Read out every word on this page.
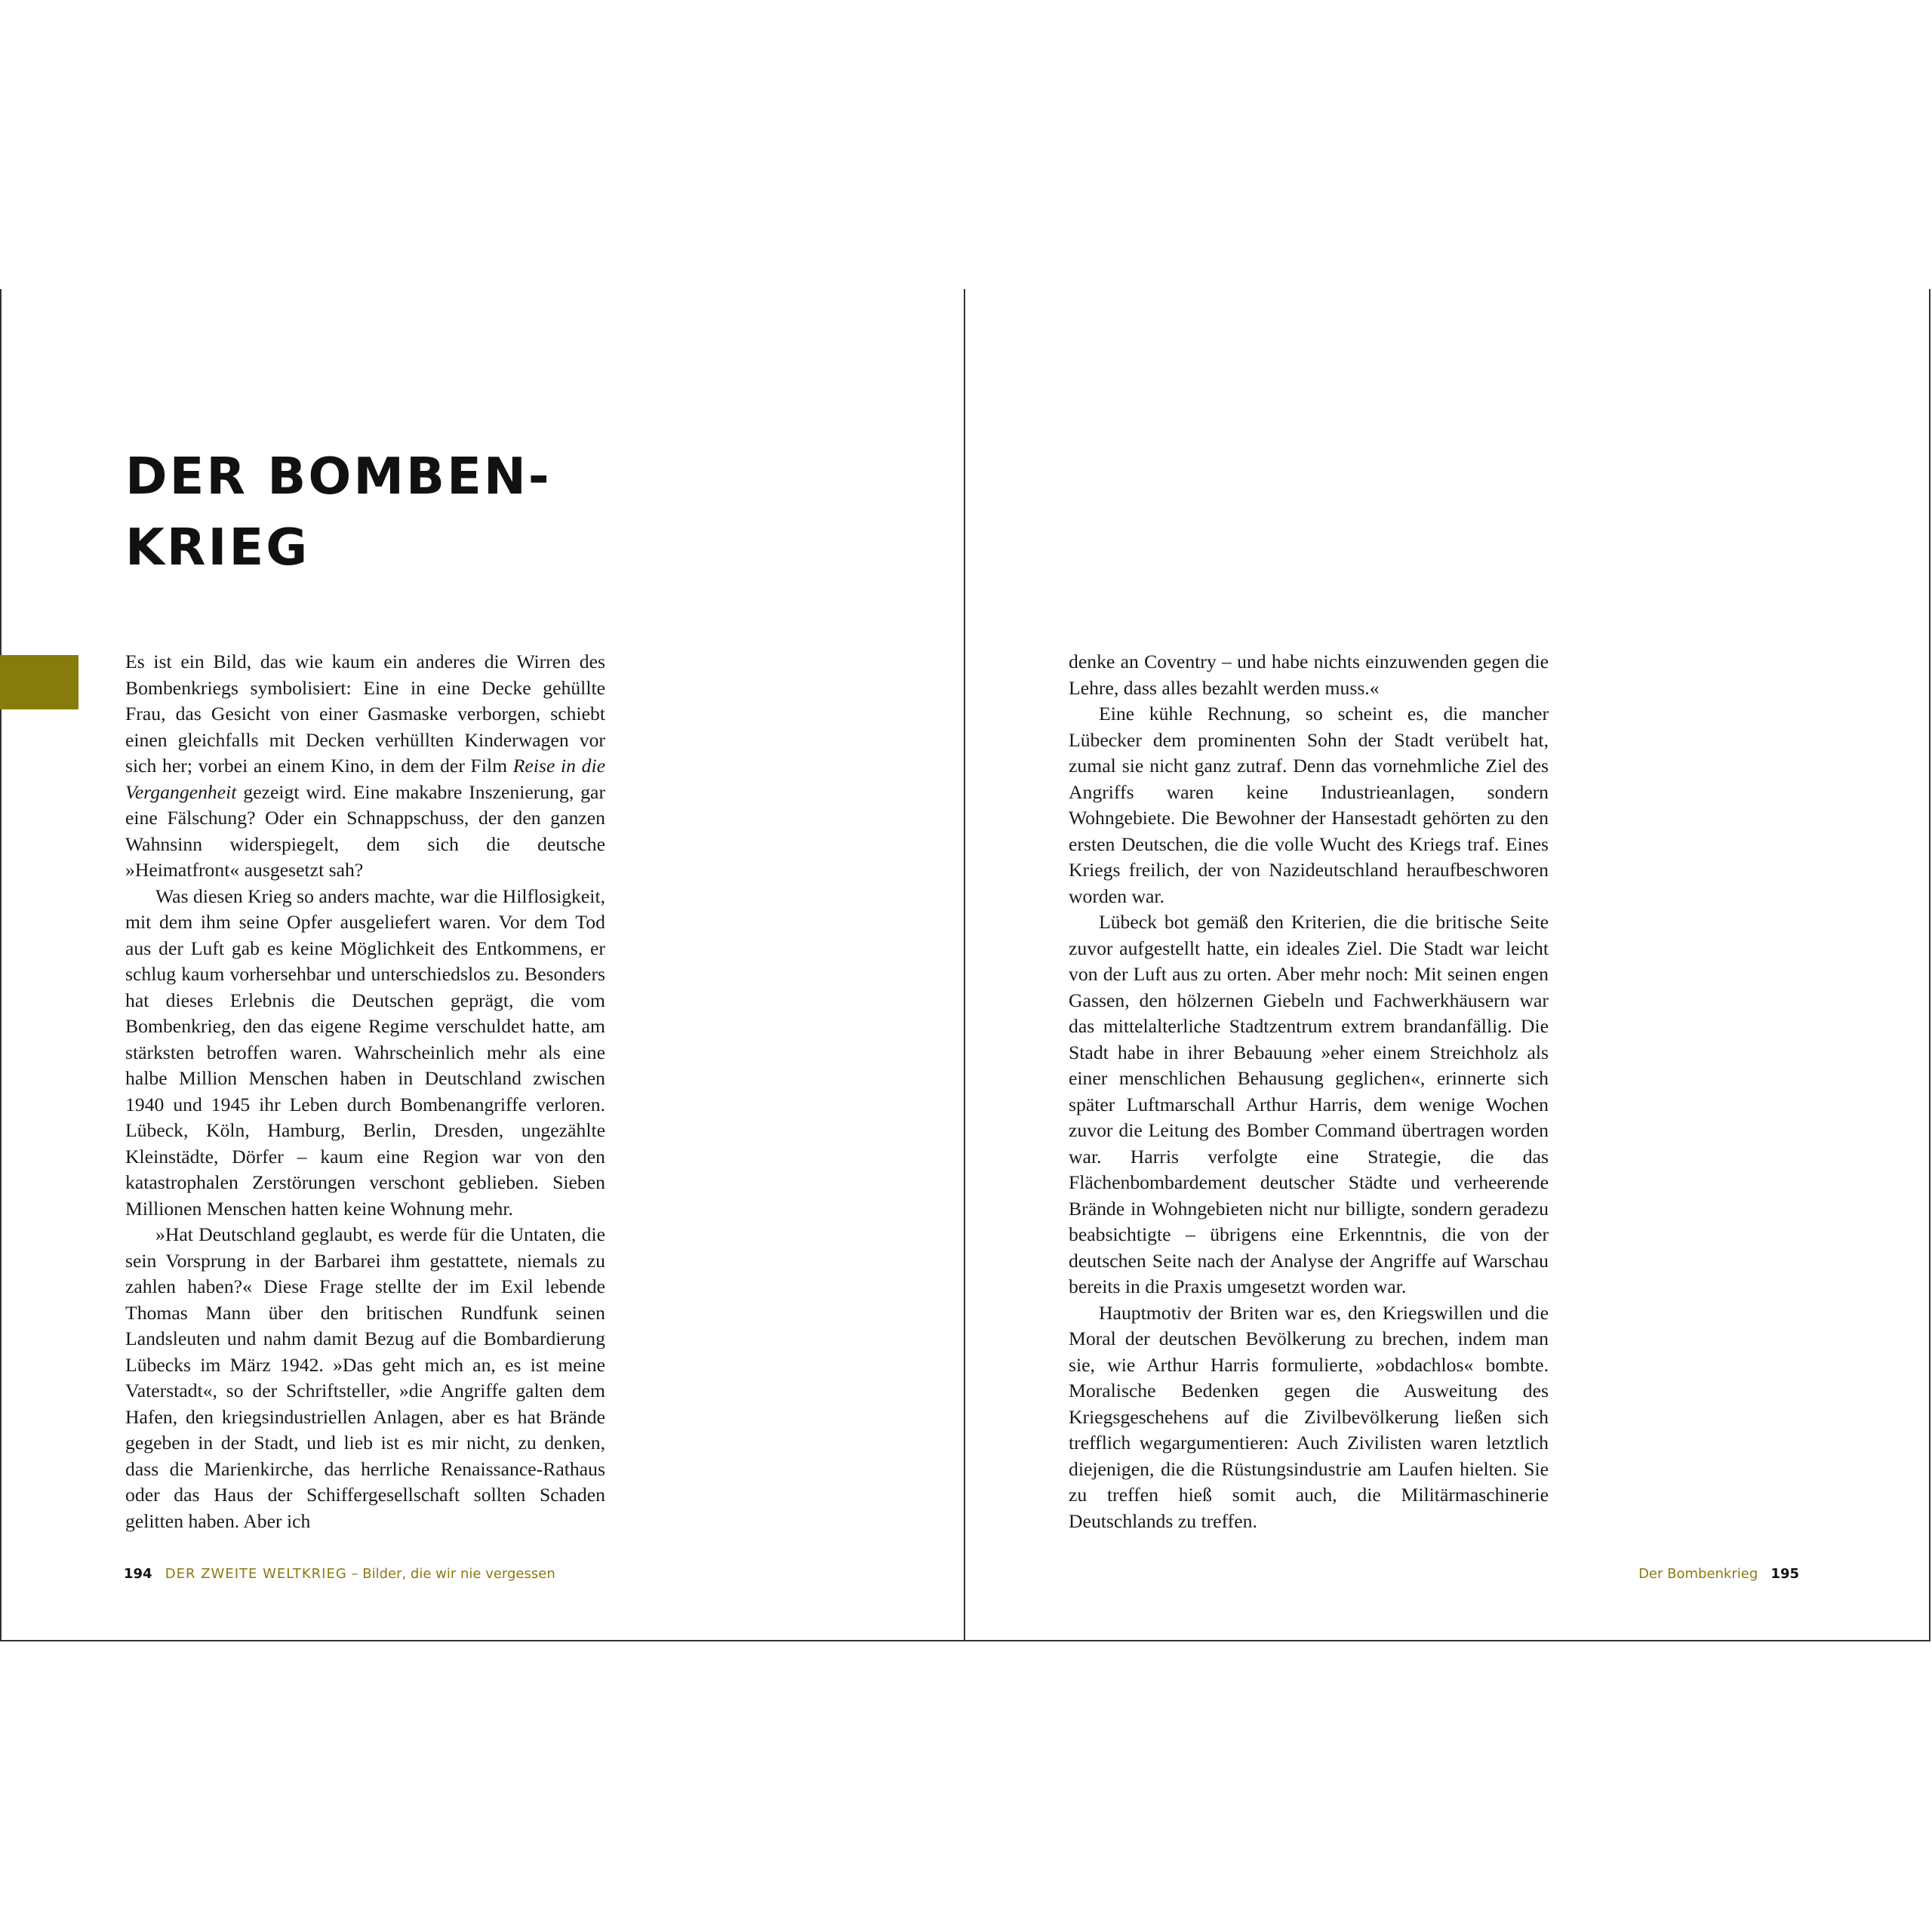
DER BOMBEN-
KRIEG

Es ist ein Bild, das wie kaum ein anderes die Wirren des Bombenkriegs symbolisiert: Eine in eine Decke gehüllte Frau, das Gesicht von einer Gasmaske verborgen, schiebt einen gleichfalls mit Decken verhüllten Kinderwagen vor sich her; vorbei an einem Kino, in dem der Film Reise in die Vergangenheit gezeigt wird. Eine makabre Inszenierung, gar eine Fälschung? Oder ein Schnappschuss, der den ganzen Wahnsinn widerspiegelt, dem sich die deutsche »Heimatfront« ausgesetzt sah?

Was diesen Krieg so anders machte, war die Hilflosigkeit, mit dem ihm seine Opfer ausgeliefert waren. Vor dem Tod aus der Luft gab es keine Möglichkeit des Entkommens, er schlug kaum vorhersehbar und unterschiedslos zu. Besonders hat dieses Erlebnis die Deutschen geprägt, die vom Bombenkrieg, den das eigene Regime verschuldet hatte, am stärksten betroffen waren. Wahrscheinlich mehr als eine halbe Million Menschen haben in Deutschland zwischen 1940 und 1945 ihr Leben durch Bombenangriffe verloren. Lübeck, Köln, Hamburg, Berlin, Dresden, ungezählte Kleinstädte, Dörfer – kaum eine Region war von den katastrophalen Zerstörungen verschont geblieben. Sieben Millionen Menschen hatten keine Wohnung mehr.

»Hat Deutschland geglaubt, es werde für die Untaten, die sein Vorsprung in der Barbarei ihm gestattete, niemals zu zahlen haben?« Diese Frage stellte der im Exil lebende Thomas Mann über den britischen Rundfunk seinen Landsleuten und nahm damit Bezug auf die Bombardierung Lübecks im März 1942. »Das geht mich an, es ist meine Vaterstadt«, so der Schriftsteller, »die Angriffe galten dem Hafen, den kriegsindustriellen Anlagen, aber es hat Brände gegeben in der Stadt, und lieb ist es mir nicht, zu denken, dass die Marienkirche, das herrliche Renaissance-Rathaus oder das Haus der Schiffergesellschaft sollten Schaden gelitten haben. Aber ich

denke an Coventry – und habe nichts einzuwenden gegen die Lehre, dass alles bezahlt werden muss.«

Eine kühle Rechnung, so scheint es, die mancher Lübecker dem prominenten Sohn der Stadt verübelt hat, zumal sie nicht ganz zutraf. Denn das vornehmliche Ziel des Angriffs waren keine Industrieanlagen, sondern Wohngebiete. Die Bewohner der Hansestadt gehörten zu den ersten Deutschen, die die volle Wucht des Kriegs traf. Eines Kriegs freilich, der von Nazideutschland heraufbeschworen worden war.

Lübeck bot gemäß den Kriterien, die die britische Seite zuvor aufgestellt hatte, ein ideales Ziel. Die Stadt war leicht von der Luft aus zu orten. Aber mehr noch: Mit seinen engen Gassen, den hölzernen Giebeln und Fachwerkhäusern war das mittelalterliche Stadtzentrum extrem brandanfällig. Die Stadt habe in ihrer Bebauung »eher einem Streichholz als einer menschlichen Behausung geglichen«, erinnerte sich später Luftmarschall Arthur Harris, dem wenige Wochen zuvor die Leitung des Bomber Command übertragen worden war. Harris verfolgte eine Strategie, die das Flächenbombardement deutscher Städte und verheerende Brände in Wohngebieten nicht nur billigte, sondern geradezu beabsichtigte – übrigens eine Erkenntnis, die von der deutschen Seite nach der Analyse der Angriffe auf Warschau bereits in die Praxis umgesetzt worden war.

Hauptmotiv der Briten war es, den Kriegswillen und die Moral der deutschen Bevölkerung zu brechen, indem man sie, wie Arthur Harris formulierte, »obdachlos« bombte. Moralische Bedenken gegen die Ausweitung des Kriegsgeschehens auf die Zivilbevölkerung ließen sich trefflich wegargumentieren: Auch Zivilisten waren letztlich diejenigen, die die Rüstungsindustrie am Laufen hielten. Sie zu treffen hieß somit auch, die Militärmaschinerie Deutschlands zu treffen.

194 DER ZWEITE WELTKRIEG – Bilder, die wir nie vergessen	Der Bombenkrieg 195
